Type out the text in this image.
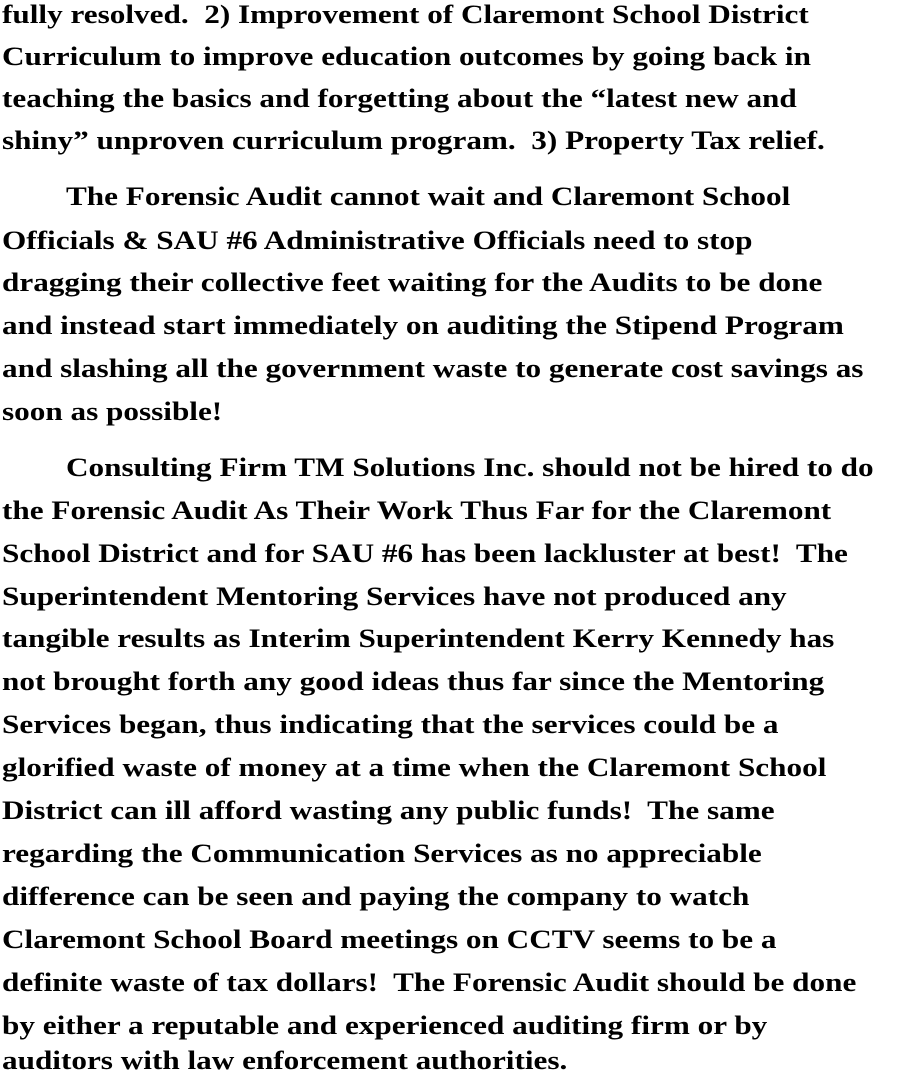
fully resolved.  2) Improvement of Claremont School District

Curriculum to improve education outcomes by going back in

teaching the basics and forgetting about the “latest new and

shiny” unproven curriculum program.  3) Property Tax relief.

The Forensic Audit cannot wait and Claremont School

Officials & SAU #6 Administrative Officials need to stop

dragging their collective feet waiting for the Audits to be done

and instead start immediately on auditing the Stipend Program

and slashing all the government waste to generate cost savings as

soon as possible!

Consulting Firm TM Solutions Inc. should not be hired to do

the Forensic Audit As Their Work Thus Far for the Claremont

School District and for SAU #6 has been lackluster at best!  The

Superintendent Mentoring Services have not produced any

tangible results as Interim Superintendent Kerry Kennedy has

not brought forth any good ideas thus far since the Mentoring

Services began, thus indicating that the services could be a

glorified waste of money at a time when the Claremont School

District can ill afford wasting any public funds!  The same

regarding the Communication Services as no appreciable

difference can be seen and paying the company to watch

Claremont School Board meetings on CCTV seems to be a

definite waste of tax dollars!  The Forensic Audit should be done

by either a reputable and experienced auditing firm or by

auditors with law enforcement authorities.
